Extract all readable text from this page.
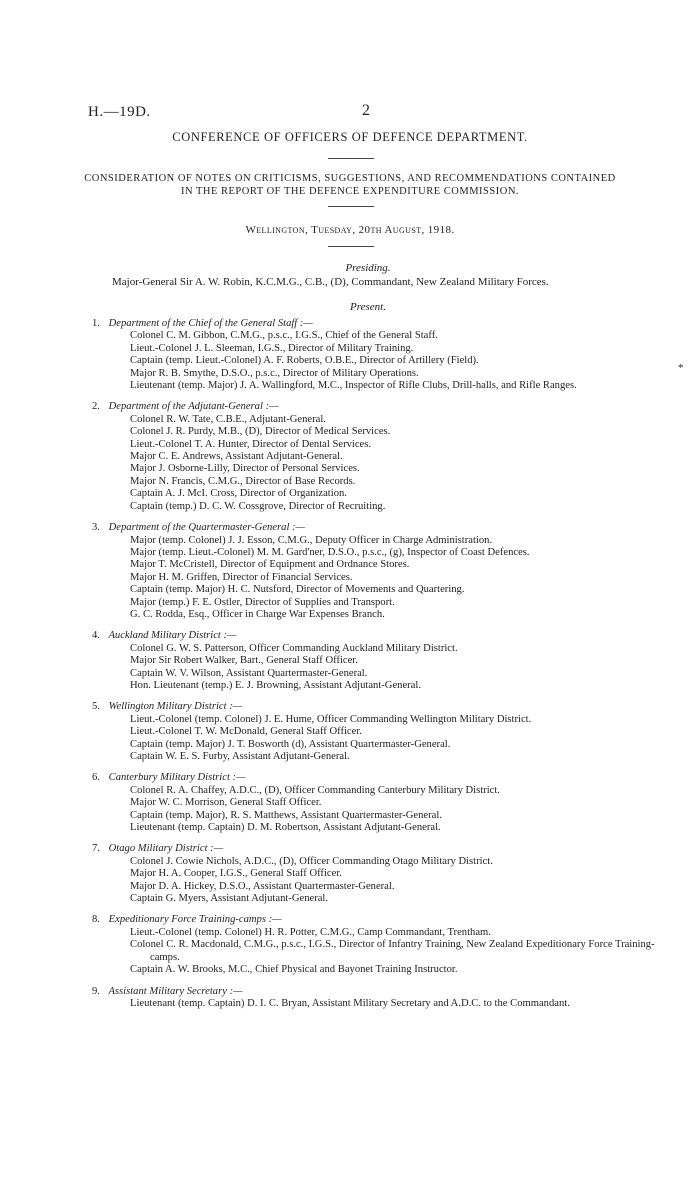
H.—19D.	2
CONFERENCE OF OFFICERS OF DEFENCE DEPARTMENT.
CONSIDERATION OF NOTES ON CRITICISMS, SUGGESTIONS, AND RECOMMENDATIONS CONTAINED
IN THE REPORT OF THE DEFENCE EXPENDITURE COMMISSION.
Wellington, Tuesday, 20th August, 1918.
Presiding.
Major-General Sir A. W. Robin, K.C.M.G., C.B., (D), Commandant, New Zealand Military Forces.
Present.
*
1. Department of the Chief of the General Staff :—
Colonel C. M. Gibbon, C.M.G., p.s.c., I.G.S., Chief of the General Staff.
Lieut.-Colonel J. L. Sleeman, I.G.S., Director of Military Training.
Captain (temp. Lieut.-Colonel) A. F. Roberts, O.B.E., Director of Artillery (Field).
Major R. B. Smythe, D.S.O., p.s.c., Director of Military Operations.
Lieutenant (temp. Major) J. A. Wallingford, M.C., Inspector of Rifle Clubs, Drill-halls, and Rifle Ranges.
2. Department of the Adjutant-General :—
Colonel R. W. Tate, C.B.E., Adjutant-General.
Colonel J. R. Purdy, M.B., (D), Director of Medical Services.
Lieut.-Colonel T. A. Hunter, Director of Dental Services.
Major C. E. Andrews, Assistant Adjutant-General.
Major J. Osborne-Lilly, Director of Personal Services.
Major N. Francis, C.M.G., Director of Base Records.
Captain A. J. McI. Cross, Director of Organization.
Captain (temp.) D. C. W. Cossgrove, Director of Recruiting.
3. Department of the Quartermaster-General :—
Major (temp. Colonel) J. J. Esson, C.M.G., Deputy Officer in Charge Administration.
Major (temp. Lieut.-Colonel) M. M. Gard'ner, D.S.O., p.s.c., (g), Inspector of Coast Defences.
Major T. McCristell, Director of Equipment and Ordnance Stores.
Major H. M. Griffen, Director of Financial Services.
Captain (temp. Major) H. C. Nutsford, Director of Movements and Quartering.
Major (temp.) F. E. Ostler, Director of Supplies and Transport.
G. C. Rodda, Esq., Officer in Charge War Expenses Branch.
4. Auckland Military District :—
Colonel G. W. S. Patterson, Officer Commanding Auckland Military District.
Major Sir Robert Walker, Bart., General Staff Officer.
Captain W. V. Wilson, Assistant Quartermaster-General.
Hon. Lieutenant (temp.) E. J. Browning, Assistant Adjutant-General.
5. Wellington Military District :—
Lieut.-Colonel (temp. Colonel) J. E. Hume, Officer Commanding Wellington Military District.
Lieut.-Colonel T. W. McDonald, General Staff Officer.
Captain (temp. Major) J. T. Bosworth (d), Assistant Quartermaster-General.
Captain W. E. S. Furby, Assistant Adjutant-General.
6. Canterbury Military District :—
Colonel R. A. Chaffey, A.D.C., (D), Officer Commanding Canterbury Military District.
Major W. C. Morrison, General Staff Officer.
Captain (temp. Major), R. S. Matthews, Assistant Quartermaster-General.
Lieutenant (temp. Captain) D. M. Robertson, Assistant Adjutant-General.
7. Otago Military District :—
Colonel J. Cowie Nichols, A.D.C., (D), Officer Commanding Otago Military District.
Major H. A. Cooper, I.G.S., General Staff Officer.
Major D. A. Hickey, D.S.O., Assistant Quartermaster-General.
Captain G. Myers, Assistant Adjutant-General.
8. Expeditionary Force Training-camps :—
Lieut.-Colonel (temp. Colonel) H. R. Potter, C.M.G., Camp Commandant, Trentham.
Colonel C. R. Macdonald, C.M.G., p.s.c., I.G.S., Director of Infantry Training, New Zealand Expeditionary Force Training-camps.
Captain A. W. Brooks, M.C., Chief Physical and Bayonet Training Instructor.
9. Assistant Military Secretary :—
Lieutenant (temp. Captain) D. I. C. Bryan, Assistant Military Secretary and A.D.C. to the Commandant.
